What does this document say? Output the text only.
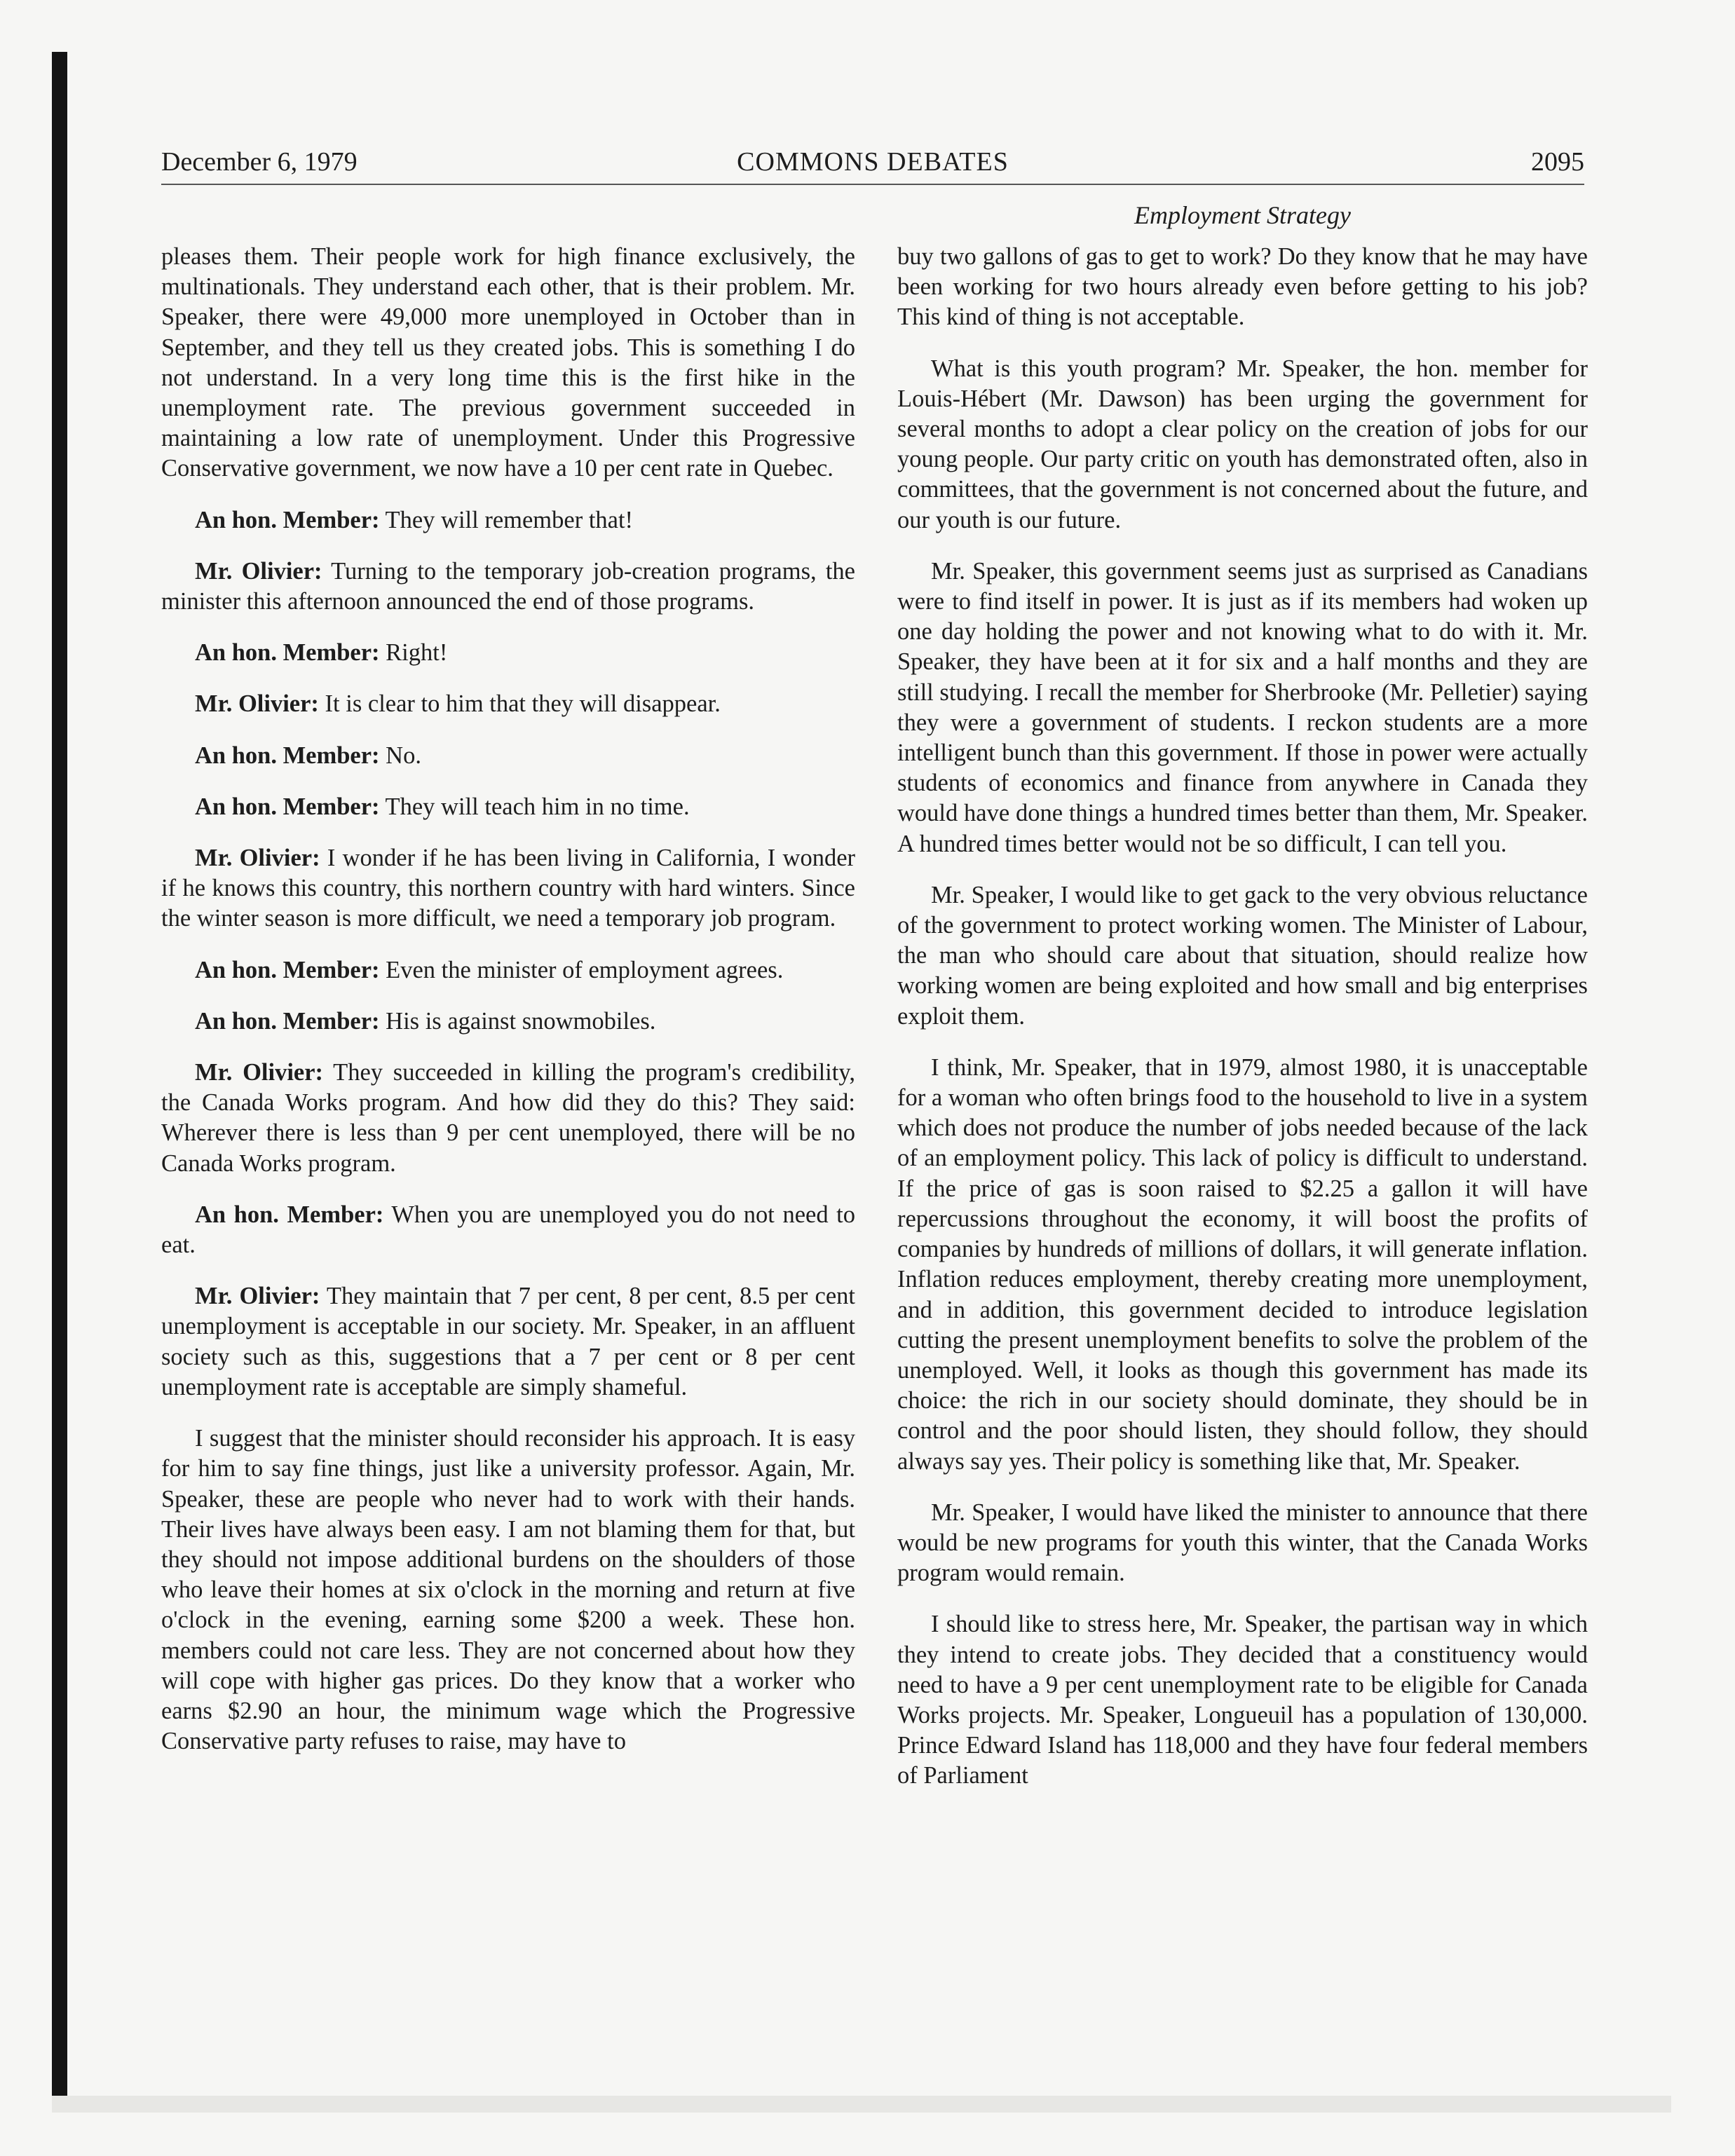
December 6, 1979	COMMONS DEBATES	2095
Employment Strategy

pleases them. Their people work for high finance exclusively, the multinationals. They understand each other, that is their problem. Mr. Speaker, there were 49,000 more unemployed in October than in September, and they tell us they created jobs. This is something I do not understand. In a very long time this is the first hike in the unemployment rate. The previous government succeeded in maintaining a low rate of unemployment. Under this Progressive Conservative government, we now have a 10 per cent rate in Quebec.

An hon. Member: They will remember that!

Mr. Olivier: Turning to the temporary job-creation programs, the minister this afternoon announced the end of those programs.

An hon. Member: Right!

Mr. Olivier: It is clear to him that they will disappear.

An hon. Member: No.

An hon. Member: They will teach him in no time.

Mr. Olivier: I wonder if he has been living in California, I wonder if he knows this country, this northern country with hard winters. Since the winter season is more difficult, we need a temporary job program.

An hon. Member: Even the minister of employment agrees.

An hon. Member: His is against snowmobiles.

Mr. Olivier: They succeeded in killing the program's credibility, the Canada Works program. And how did they do this? They said: Wherever there is less than 9 per cent unemployed, there will be no Canada Works program.

An hon. Member: When you are unemployed you do not need to eat.

Mr. Olivier: They maintain that 7 per cent, 8 per cent, 8.5 per cent unemployment is acceptable in our society. Mr. Speaker, in an affluent society such as this, suggestions that a 7 per cent or 8 per cent unemployment rate is acceptable are simply shameful.

I suggest that the minister should reconsider his approach. It is easy for him to say fine things, just like a university professor. Again, Mr. Speaker, these are people who never had to work with their hands. Their lives have always been easy. I am not blaming them for that, but they should not impose additional burdens on the shoulders of those who leave their homes at six o'clock in the morning and return at five o'clock in the evening, earning some $200 a week. These hon. members could not care less. They are not concerned about how they will cope with higher gas prices. Do they know that a worker who earns $2.90 an hour, the minimum wage which the Progressive Conservative party refuses to raise, may have to

buy two gallons of gas to get to work? Do they know that he may have been working for two hours already even before getting to his job? This kind of thing is not acceptable.

What is this youth program? Mr. Speaker, the hon. member for Louis-Hébert (Mr. Dawson) has been urging the government for several months to adopt a clear policy on the creation of jobs for our young people. Our party critic on youth has demonstrated often, also in committees, that the government is not concerned about the future, and our youth is our future.

Mr. Speaker, this government seems just as surprised as Canadians were to find itself in power. It is just as if its members had woken up one day holding the power and not knowing what to do with it. Mr. Speaker, they have been at it for six and a half months and they are still studying. I recall the member for Sherbrooke (Mr. Pelletier) saying they were a government of students. I reckon students are a more intelligent bunch than this government. If those in power were actually students of economics and finance from anywhere in Canada they would have done things a hundred times better than them, Mr. Speaker. A hundred times better would not be so difficult, I can tell you.

Mr. Speaker, I would like to get gack to the very obvious reluctance of the government to protect working women. The Minister of Labour, the man who should care about that situation, should realize how working women are being exploited and how small and big enterprises exploit them.

I think, Mr. Speaker, that in 1979, almost 1980, it is unacceptable for a woman who often brings food to the household to live in a system which does not produce the number of jobs needed because of the lack of an employment policy. This lack of policy is difficult to understand. If the price of gas is soon raised to $2.25 a gallon it will have repercussions throughout the economy, it will boost the profits of companies by hundreds of millions of dollars, it will generate inflation. Inflation reduces employment, thereby creating more unemployment, and in addition, this government decided to introduce legislation cutting the present unemployment benefits to solve the problem of the unemployed. Well, it looks as though this government has made its choice: the rich in our society should dominate, they should be in control and the poor should listen, they should follow, they should always say yes. Their policy is something like that, Mr. Speaker.

Mr. Speaker, I would have liked the minister to announce that there would be new programs for youth this winter, that the Canada Works program would remain.

I should like to stress here, Mr. Speaker, the partisan way in which they intend to create jobs. They decided that a constituency would need to have a 9 per cent unemployment rate to be eligible for Canada Works projects. Mr. Speaker, Longueuil has a population of 130,000. Prince Edward Island has 118,000 and they have four federal members of Parliament
